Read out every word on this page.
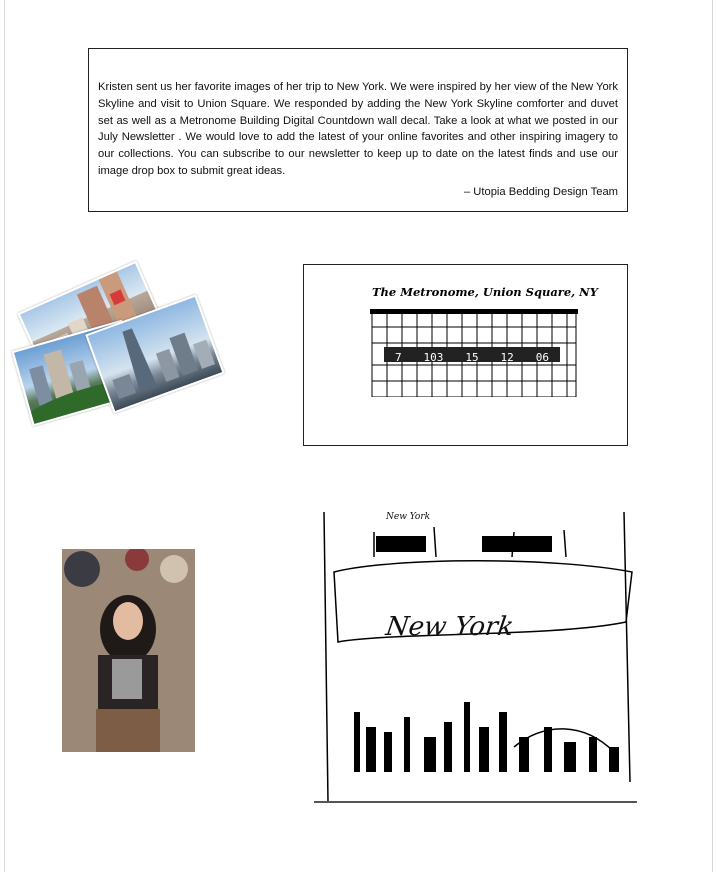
Kristen sent us her favorite images of her trip to New York. We were inspired by her view of the New York Skyline and visit to Union Square. We responded by adding the New York Skyline comforter and duvet set as well as a Metronome Building Digital Countdown wall decal. Take a look at what we posted in our July Newsletter . We would love to add the latest of your online favorites and other inspiring imagery to our collections. You can subscribe to our newsletter to keep up to date on the latest finds and use our image drop box to submit great ideas.

– Utopia Bedding Design Team
The Metronome, Union Square, NY
7 103 15 12 06
New York
New York
